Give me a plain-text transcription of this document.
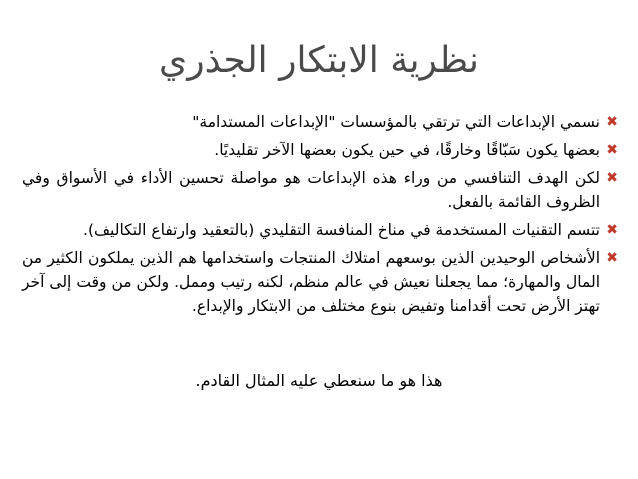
نظرية الابتكار الجذري
✖
نسمي الإبداعات التي ترتقي بالمؤسسات "الإبداعات المستدامة"
✖
بعضها يكون سَبّاقًا وخارقًا، في حين يكون بعضها الآخر تقليديًا.
✖
لكن الهدف التنافسي من وراء هذه الإبداعات هو مواصلة تحسين الأداء في الأسواق وفي الظروف القائمة بالفعل.
✖
تتسم التقنيات المستخدمة في مناخ المنافسة التقليدي (بالتعقيد وارتفاع التكاليف).
✖
الأشخاص الوحيدين الذين بوسعهم امتلاك المنتجات واستخدامها هم الذين يملكون الكثير من المال والمهارة؛ مما يجعلنا نعيش في عالم منظم، لكنه رتيب وممل. ولكن من وقت إلى آخر تهتز الأرض تحت أقدامنا وتفيض بنوع مختلف من الابتكار والإبداع.
هذا هو ما سنعطي عليه المثال القادم.
